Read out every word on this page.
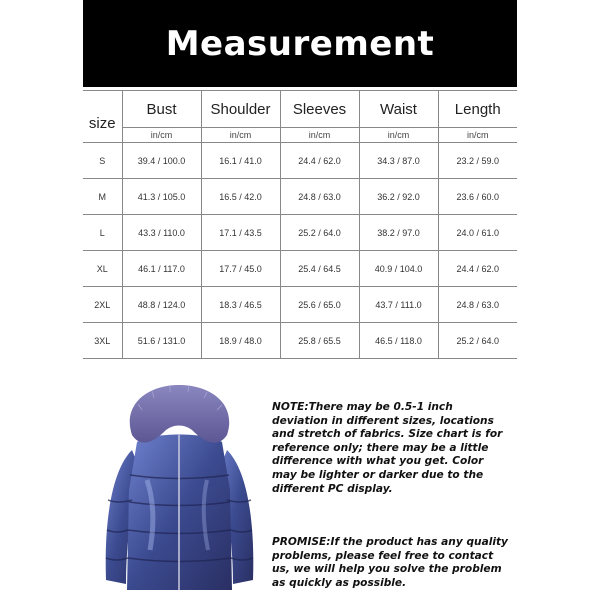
Measurement
size	Bust	Shoulder	Sleeves	Waist	Length
	in/cm	in/cm	in/cm	in/cm	in/cm
S	39.4 / 100.0	16.1 / 41.0	24.4 / 62.0	34.3 / 87.0	23.2 / 59.0
M	41.3 / 105.0	16.5 / 42.0	24.8 / 63.0	36.2 / 92.0	23.6 / 60.0
L	43.3 / 110.0	17.1 / 43.5	25.2 / 64.0	38.2 / 97.0	24.0 / 61.0
XL	46.1 / 117.0	17.7 / 45.0	25.4 / 64.5	40.9 / 104.0	24.4 / 62.0
2XL	48.8 / 124.0	18.3 / 46.5	25.6 / 65.0	43.7 / 111.0	24.8 / 63.0
3XL	51.6 / 131.0	18.9 / 48.0	25.8 / 65.5	46.5 / 118.0	25.2 / 64.0
NOTE:There may be 0.5-1 inch deviation in different sizes, locations and stretch of fabrics. Size chart is for reference only; there may be a little difference with what you get. Color may be lighter or darker due to the different PC display.
PROMISE:If the product has any quality problems, please feel free to contact us, we will help you solve the problem as quickly as possible.
